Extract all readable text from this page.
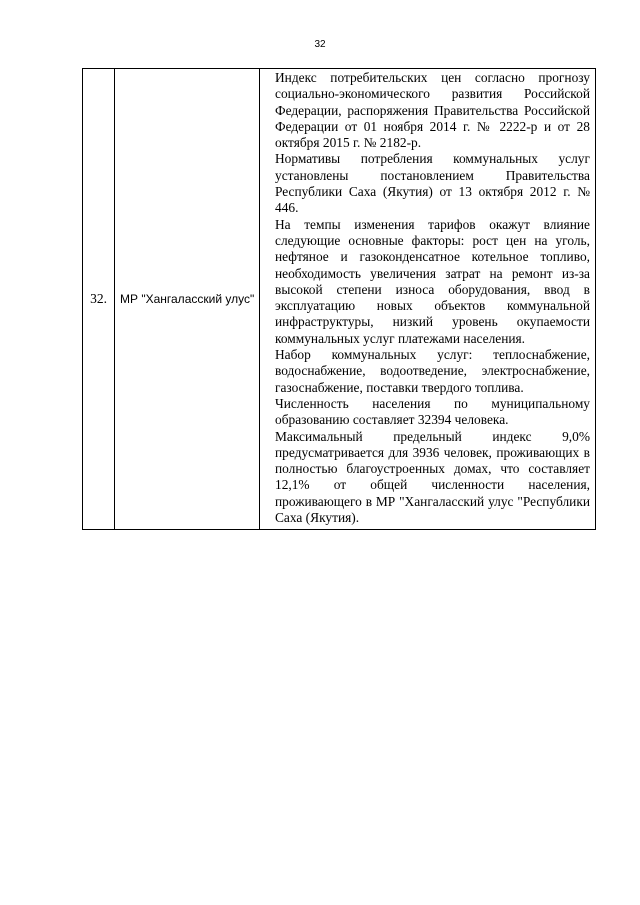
32
32.	МР "Хангаласский улус"	

Индекс потребительских цен согласно прогнозу социально-экономического развития Российской Федерации, распоряжения Правительства Российской Федерации от 01 ноября 2014 г. № 2222-р и от 28 октября 2015 г. № 2182-р.

Нормативы потребления коммунальных услуг установлены постановлением Правительства Республики Саха (Якутия) от 13 октября 2012 г. № 446.

На темпы изменения тарифов окажут влияние следующие основные факторы: рост цен на уголь, нефтяное и газоконденсатное котельное топливо, необходимость увеличения затрат на ремонт из-за высокой степени износа оборудования, ввод в эксплуатацию новых объектов коммунальной инфраструктуры, низкий уровень окупаемости коммунальных услуг платежами населения.

Набор коммунальных услуг: теплоснабжение, водоснабжение, водоотведение, электроснабжение, газоснабжение, поставки твердого топлива.

Численность населения по муниципальному образованию составляет 32394 человека.

Максимальный предельный индекс 9,0% предусматривается для 3936 человек, проживающих в полностью благоустроенных домах, что составляет 12,1% от общей численности населения, проживающего в МР "Хангаласский улус "Республики Саха (Якутия).
